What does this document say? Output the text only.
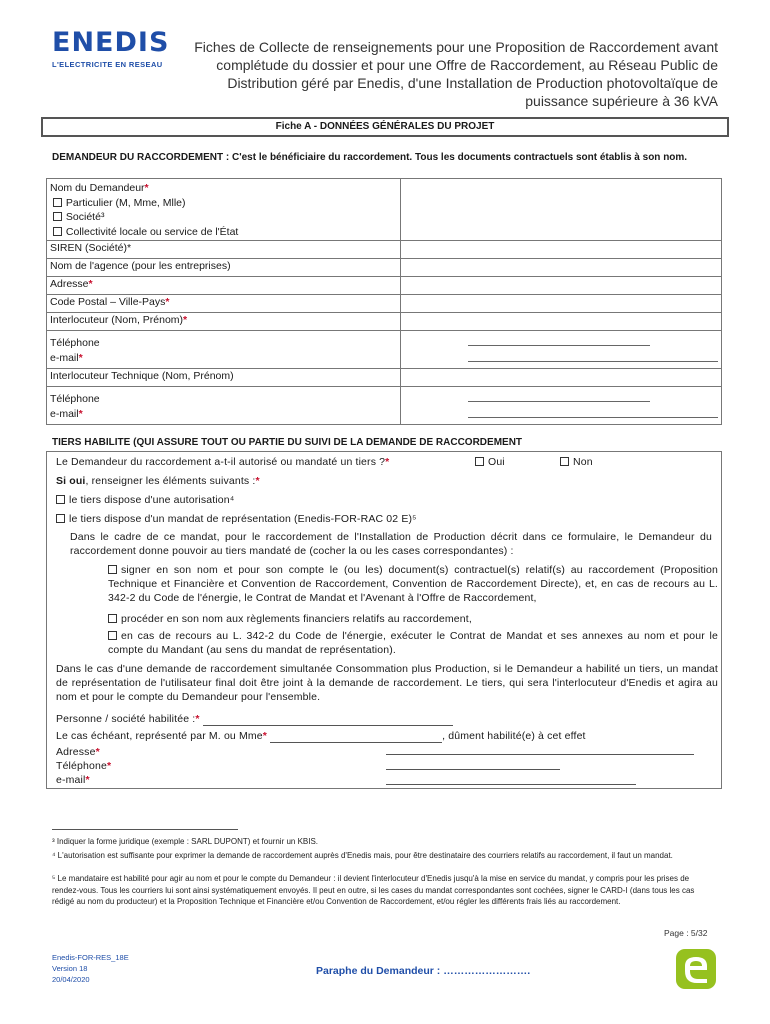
ENEDIS
L'ELECTRICITE EN RESEAU
Fiches de Collecte de renseignements pour une Proposition de Raccordement avant complétude du dossier et pour une Offre de Raccordement, au Réseau Public de Distribution géré par Enedis, d'une Installation de Production photovoltaïque de puissance supérieure à 36 kVA
Fiche A - DONNÉES GÉNÉRALES DU PROJET
DEMANDEUR DU RACCORDEMENT : C'est le bénéficiaire du raccordement. Tous les documents contractuels sont établis à son nom.
Nom du Demandeur*
Particulier (M, Mme, Mlle)
Société³
Collectivité locale ou service de l'État	
SIREN (Société)*	
Nom de l'agence (pour les entreprises)	
Adresse*	
Code Postal – Ville-Pays*	
Interlocuteur (Nom, Prénom)*	
Téléphone
e-mail*	

Interlocuteur Technique (Nom, Prénom)	
Téléphone
e-mail*	
TIERS HABILITE (QUI ASSURE TOUT OU PARTIE DU SUIVI DE LA DEMANDE DE RACCORDEMENT
Le Demandeur du raccordement a-t-il autorisé ou mandaté un tiers ?*	Oui	Non
Si oui, renseigner les éléments suivants :*
le tiers dispose d'une autorisation⁴
le tiers dispose d'un mandat de représentation (Enedis-FOR-RAC 02 E)⁵
Dans le cadre de ce mandat, pour le raccordement de l'Installation de Production décrit dans ce formulaire, le Demandeur du raccordement donne pouvoir au tiers mandaté de (cocher la ou les cases correspondantes) :
signer en son nom et pour son compte le (ou les) document(s) contractuel(s) relatif(s) au raccordement (Proposition Technique et Financière et Convention de Raccordement, Convention de Raccordement Directe), et, en cas de recours au L. 342-2 du Code de l'énergie, le Contrat de Mandat et l'Avenant à l'Offre de Raccordement,
procéder en son nom aux règlements financiers relatifs au raccordement,
en cas de recours au L. 342-2 du Code de l'énergie, exécuter le Contrat de Mandat et ses annexes au nom et pour le compte du Mandant (au sens du mandat de représentation).
Dans le cas d'une demande de raccordement simultanée Consommation plus Production, si le Demandeur a habilité un tiers, un mandat de représentation de l'utilisateur final doit être joint à la demande de raccordement. Le tiers, qui sera l'interlocuteur d'Enedis et agira au nom et pour le compte du Demandeur pour l'ensemble.
Personne / société habilitée :*
Le cas échéant, représenté par M. ou Mme*	, dûment habilité(e) à cet effet
Adresse*
Téléphone*
e-mail*
³ Indiquer la forme juridique (exemple : SARL DUPONT) et fournir un KBIS.
⁴ L'autorisation est suffisante pour exprimer la demande de raccordement auprès d'Enedis mais, pour être destinataire des courriers relatifs au raccordement, il faut un mandat.
⁵ Le mandataire est habilité pour agir au nom et pour le compte du Demandeur : il devient l'interlocuteur d'Enedis jusqu'à la mise en service du mandat, y compris pour les prises de rendez-vous. Tous les courriers lui sont ainsi systématiquement envoyés. Il peut en outre, si les cases du mandat correspondantes sont cochées, signer le CARD-I (dans tous les cas rédigé au nom du producteur) et la Proposition Technique et Financière et/ou Convention de Raccordement, et/ou régler les différents frais liés au raccordement.
Page : 5/32
Enedis-FOR-RES_18E
Version 18
20/04/2020
Paraphe du Demandeur : …………………….
